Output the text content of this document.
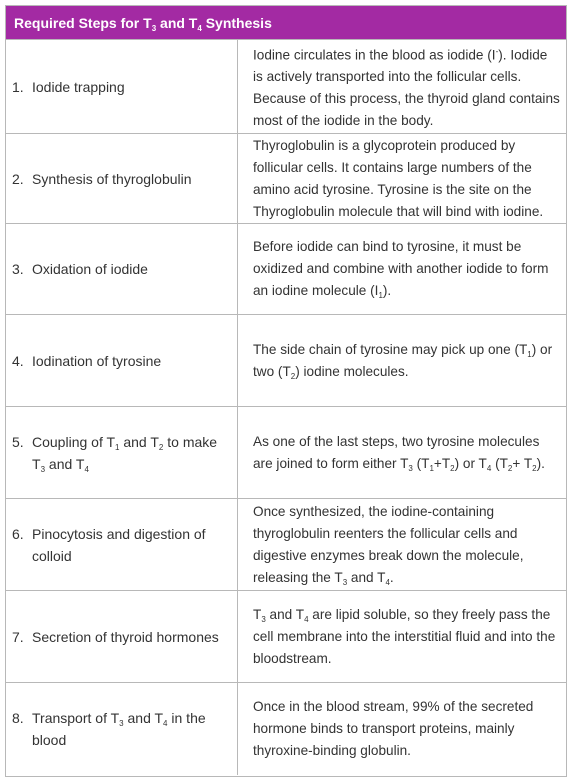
Required Steps for $T_3$ and $T_4$ Synthesis
1. Iodide trapping
Iodine circulates in the blood as iodide (I-). Iodide is actively transported into the follicular cells. Because of this process, the thyroid gland contains most of the iodide in the body.
2. Synthesis of thyroglobulin
Thyroglobulin is a glycoprotein produced by follicular cells. It contains large numbers of the amino acid tyrosine. Tyrosine is the site on the Thyroglobulin molecule that will bind with iodine.
3. Oxidation of iodide
Before iodide can bind to tyrosine, it must be oxidized and combine with another iodide to form an iodine molecule $(I_1)$.
4. Iodination of tyrosine
The side chain of tyrosine may pick up one $(T_1)$ or two $(T_2)$ iodine molecules.
5. Coupling of $T_1$ and $T_2$ to make $T_3$ and $T_4$
As one of the last steps, two tyrosine molecules are joined to form either $T_3$ $(T_1+T_2)$ or $T_4$ $(T_2+ T_2)$.
6. Pinocytosis and digestion of colloid
Once synthesized, the iodine-containing thyroglobulin reenters the follicular cells and digestive enzymes break down the molecule, releasing the $T_3$ and $T_4$.
7. Secretion of thyroid hormones
$T_3$ and $T_4$ are lipid soluble, so they freely pass the cell membrane into the interstitial fluid and into the bloodstream.
8. Transport of $T_3$ and $T_4$ in the blood
Once in the blood stream, 99% of the secreted hormone binds to transport proteins, mainly thyroxine-binding globulin.
